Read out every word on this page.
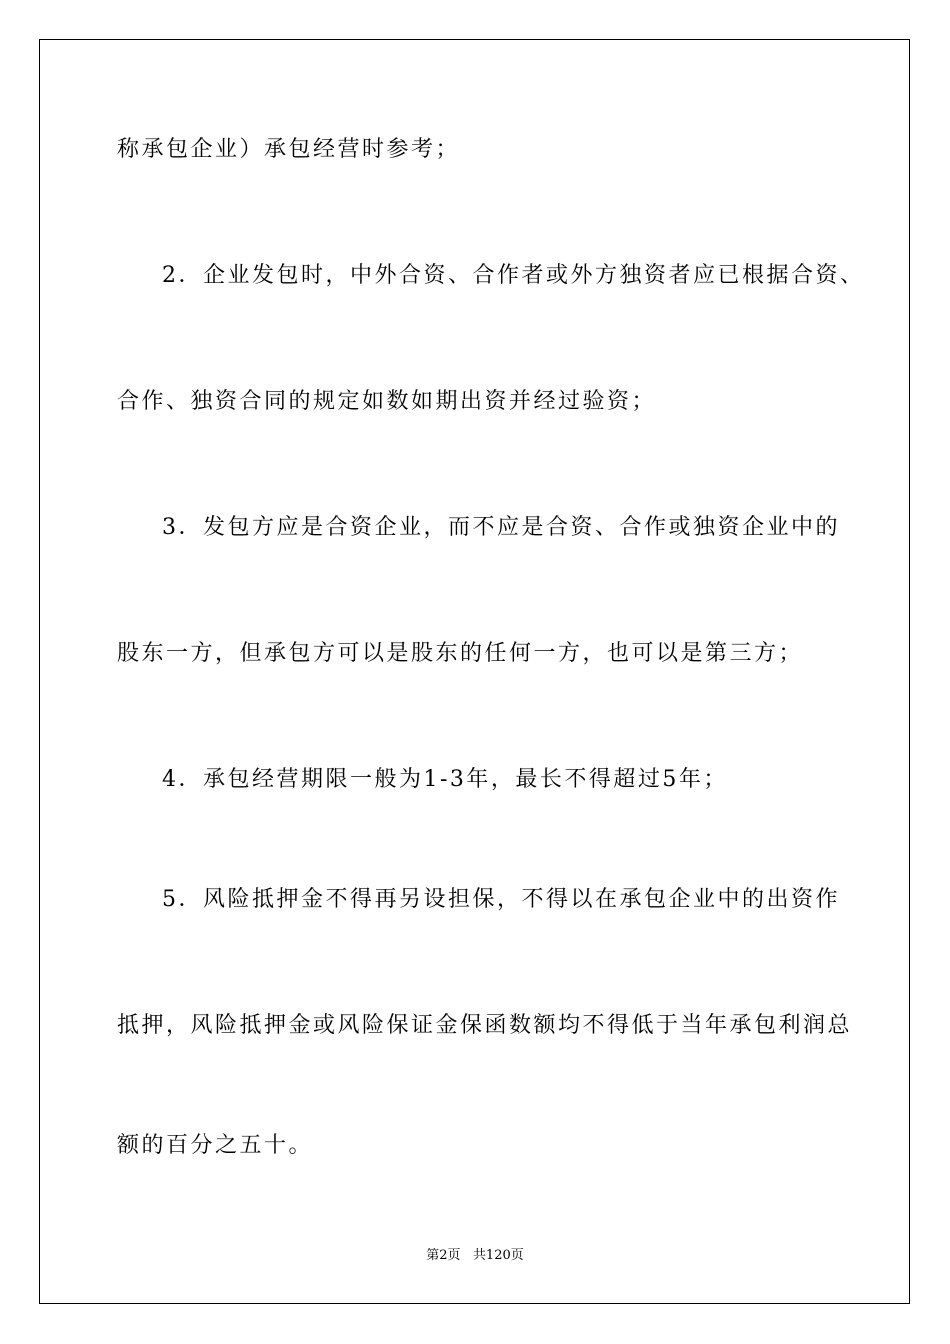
称承包企业）承包经营时参考；
2．企业发包时，中外合资、合作者或外方独资者应已根据合资、
合作、独资合同的规定如数如期出资并经过验资；
3．发包方应是合资企业，而不应是合资、合作或独资企业中的
股东一方，但承包方可以是股东的任何一方，也可以是第三方；
4．承包经营期限一般为1-3年，最长不得超过5年；
5．风险抵押金不得再另设担保，不得以在承包企业中的出资作
抵押，风险抵押金或风险保证金保函数额均不得低于当年承包利润总
额的百分之五十。
第2页   共120页
